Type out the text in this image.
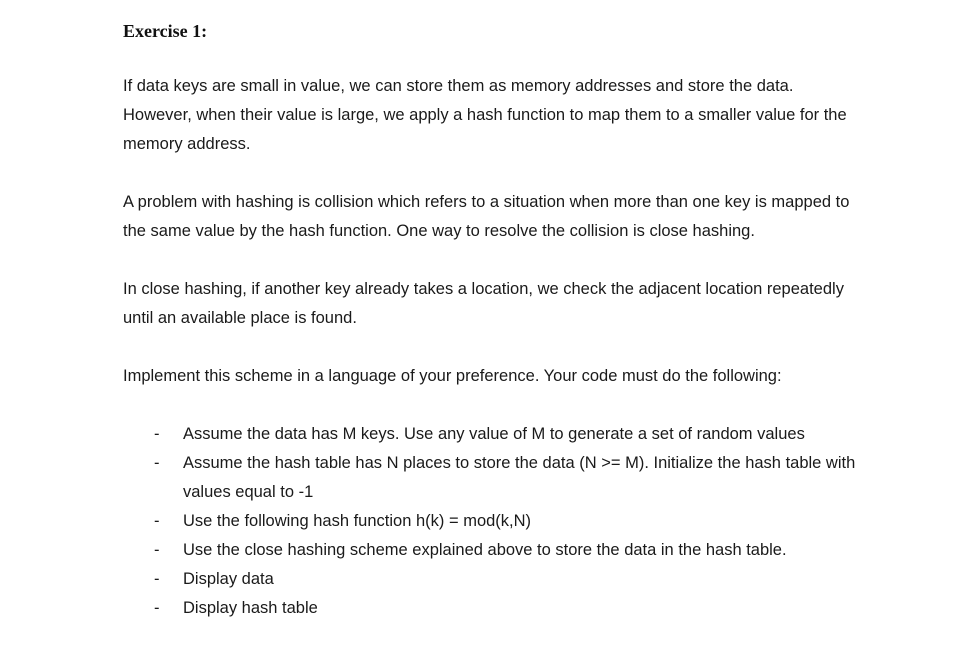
Exercise 1:

If data keys are small in value, we can store them as memory addresses and store the data. However, when their value is large, we apply a hash function to map them to a smaller value for the memory address.

A problem with hashing is collision which refers to a situation when more than one key is mapped to the same value by the hash function. One way to resolve the collision is close hashing.

In close hashing, if another key already takes a location, we check the adjacent location repeatedly until an available place is found.

Implement this scheme in a language of your preference. Your code must do the following:

- Assume the data has M keys. Use any value of M to generate a set of random values
- Assume the hash table has N places to store the data (N >= M). Initialize the hash table with values equal to -1
- Use the following hash function h(k) = mod(k,N)
- Use the close hashing scheme explained above to store the data in the hash table.
- Display data
- Display hash table
